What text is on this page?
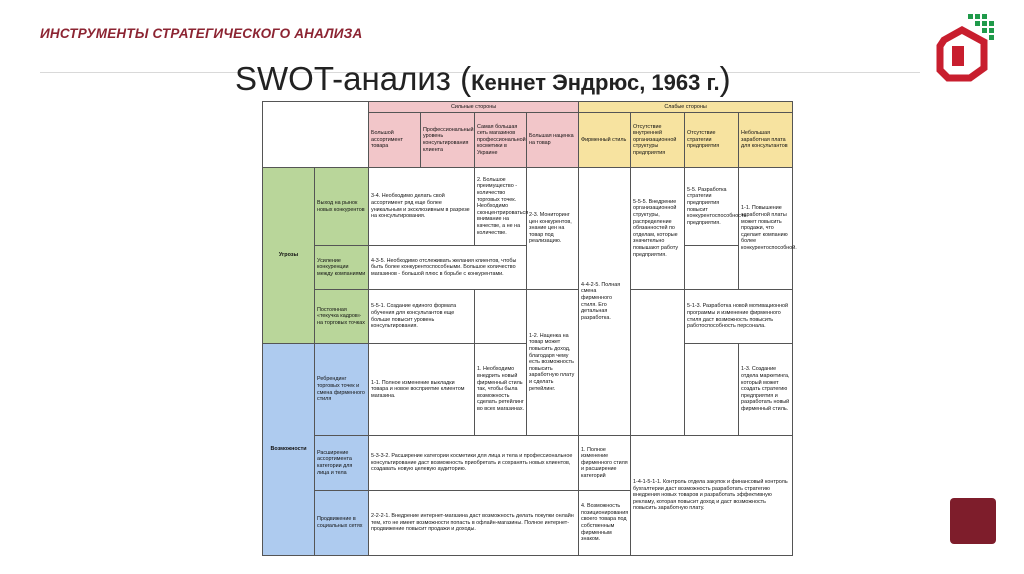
ИНСТРУМЕНТЫ СТРАТЕГИЧЕСКОГО АНАЛИЗА
SWOT-анализ (Кеннет Эндрюс, 1963 г.)
		Сильные стороны				Слабые стороны				
		Большой ассортимент товара	Профессиональный уровень консультирования клиента	Самая большая сеть магазинов профессиональной косметики в Украине	Большая наценка на товар	Фирменный стиль	Отсутствие внутренней организационной структуры предприятия	Отсутствие стратегии предприятия	Небольшая заработная плата для консультантов	
Угрозы	Выход на рынок новых конкурентов	3-4. Необходимо делать свой ассортимент ряд еще более уникальным и эксклюзивным в разрезе на консультирования.		2. Большое преимущество - количество торговых точек. Необходимо сконцентрироваться внимание на качестве, а не на количестве.	2-3. Мониторинг цен конкурентов, знание цен на товар под реализацию.	4-4-2-5. Полная смена фирменного стиля. Его детальная разработка.	5-5-5. Внедрение организационной структуры, распределение обязанностей по отделам, которые значительно повышают работу предприятия.	5-5. Разработка стратегии предприятия повысит конкурентоспособность предприятия.	1-1. Повышение заработной платы может повысить продажи, что сделает компанию более конкурентоспособной.	
	Усиление конкуренции между компаниями	4-3-5. Необходимо отслеживать желания клиентов, чтобы быть более конкурентоспособными. Большое количество магазинов - большой плюс в борьбе с конкурентами.								
	Постоянная «текучка кадров» на торговых точках	5-5-1. Создание единого формата обучения для консультантов еще больше повысит уровень консультирования.			1-2. Наценка на товар может повысить доход, благодаря чему есть возможность повысить заработную плату и сделать ретейлинг.			5-1-3. Разработка новой мотивационной программы и изменение фирменного стиля даст возможность повысить работоспособность персонала.		
Возможности	Ребрендинг торговых точек и смена фирменного стиля	1-1. Полное изменение выкладки товара и новое восприятие клиентом магазина.		1. Необходимо внедрить новый фирменный стиль так, чтобы была возможность сделать ретейлинг во всех магазинах.					1-3. Создание отдела маркетинга, который может создать стратегию предприятия и разработать новый фирменный стиль.	
	Расширение ассортимента категории для лица и тела	5-3-3-2. Расширение категории косметики для лица и тела и профессиональное консультирование даст возможность приобретать и сохранять новых клиентов, создавать новую целевую аудиторию.				1. Полное изменение фирменного стиля и расширение категорий	1-4-1-5-1-1. Контроль отдела закупок и финансовый контроль бухгалтерии даст возможность разработать стратегию внедрения новых товаров и разработать эффективную рекламу, которая повысит доход и даст возможность повысить заработную плату.			
	Продвижение в социальных сетях	2-2-2-1. Внедрение интернет-магазина даст возможность делать покупки онлайн тем, кто не имеет возможности попасть в офлайн-магазины. Полное интернет-продвижение повысит продажи и доходы.				4. Возможность позиционирования своего товара под собственным фирменным знаком.				
